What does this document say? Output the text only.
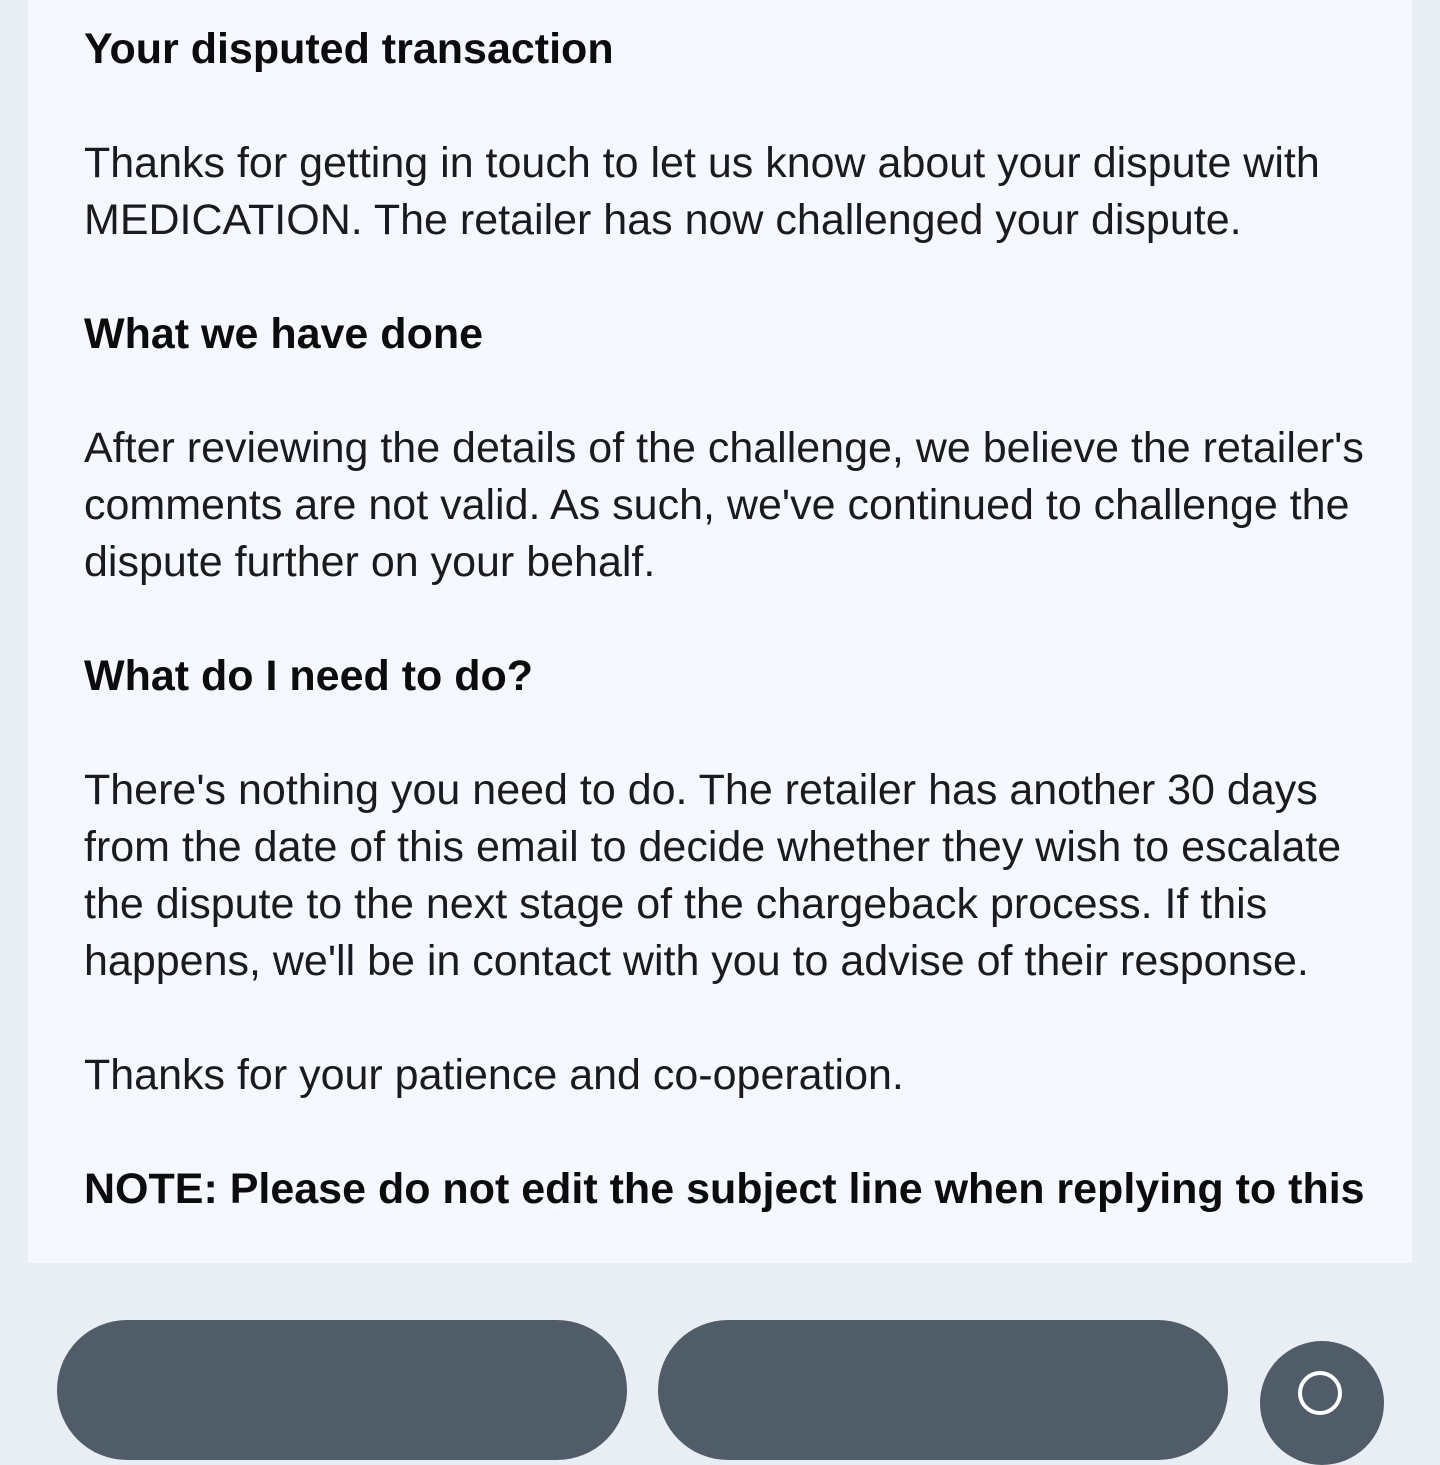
Your disputed transaction

Thanks for getting in touch to let us know about your dispute with MEDICATION. The retailer has now challenged your dispute.

What we have done

After reviewing the details of the challenge, we believe the retailer's comments are not valid. As such, we've continued to challenge the dispute further on your behalf.

What do I need to do?

There's nothing you need to do. The retailer has another 30 days from the date of this email to decide whether they wish to escalate the dispute to the next stage of the chargeback process. If this happens, we'll be in contact with you to advise of their response.

Thanks for your patience and co-operation.

NOTE: Please do not edit the subject line when replying to this
